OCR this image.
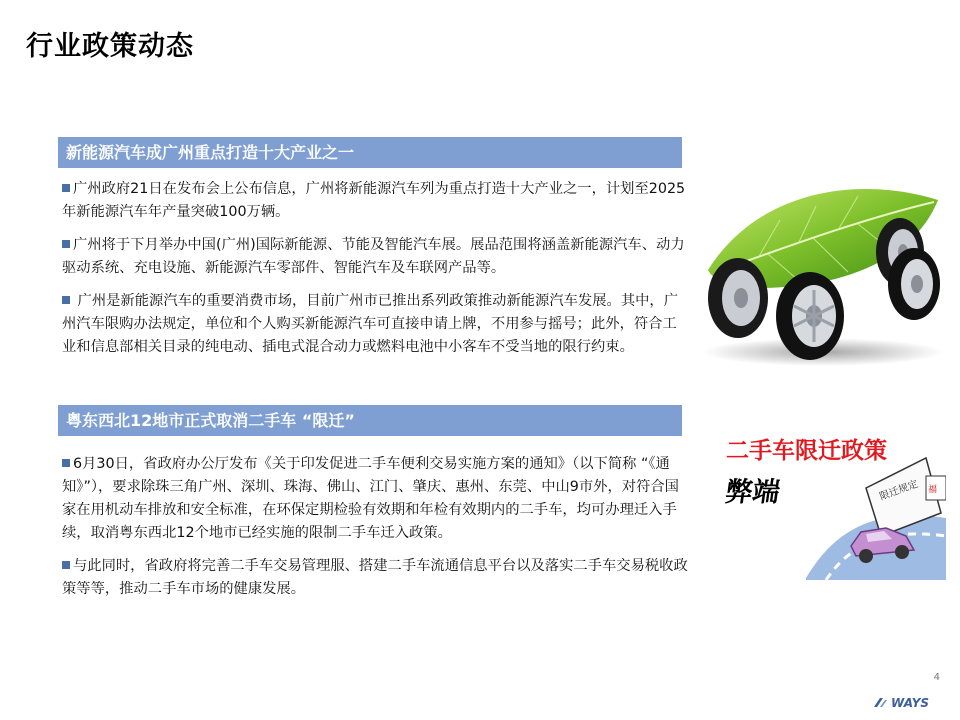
行业政策动态
新能源汽车成广州重点打造十大产业之一

广州政府21日在发布会上公布信息，广州将新能源汽车列为重点打造十大产业之一，计划至2025年新能源汽车年产量突破100万辆。

广州将于下月举办中国(广州)国际新能源、节能及智能汽车展。展品范围将涵盖新能源汽车、动力驱动系统、充电设施、新能源汽车零部件、智能汽车及车联网产品等。

广州是新能源汽车的重要消费市场，目前广州市已推出系列政策推动新能源汽车发展。其中，广州汽车限购办法规定，单位和个人购买新能源汽车可直接申请上牌，不用参与摇号；此外，符合工业和信息部相关目录的纯电动、插电式混合动力或燃料电池中小客车不受当地的限行约束。

粤东西北12地市正式取消二手车 “限迁”

6月30日，省政府办公厅发布《关于印发促进二手车便利交易实施方案的通知》（以下简称 “《通知》”），要求除珠三角广州、深圳、珠海、佛山、江门、肇庆、惠州、东莞、中山9市外，对符合国家在用机动车排放和安全标准，在环保定期检验有效期和年检有效期内的二手车，均可办理迁入手续，取消粤东西北12个地市已经实施的限制二手车迁入政策。

与此同时，省政府将完善二手车交易管理服、搭建二手车流通信息平台以及落实二手车交易税收政策等等，推动二手车市场的健康发展。

限迁规定 福
二手车限迁政策
弊端
4
WAYS
